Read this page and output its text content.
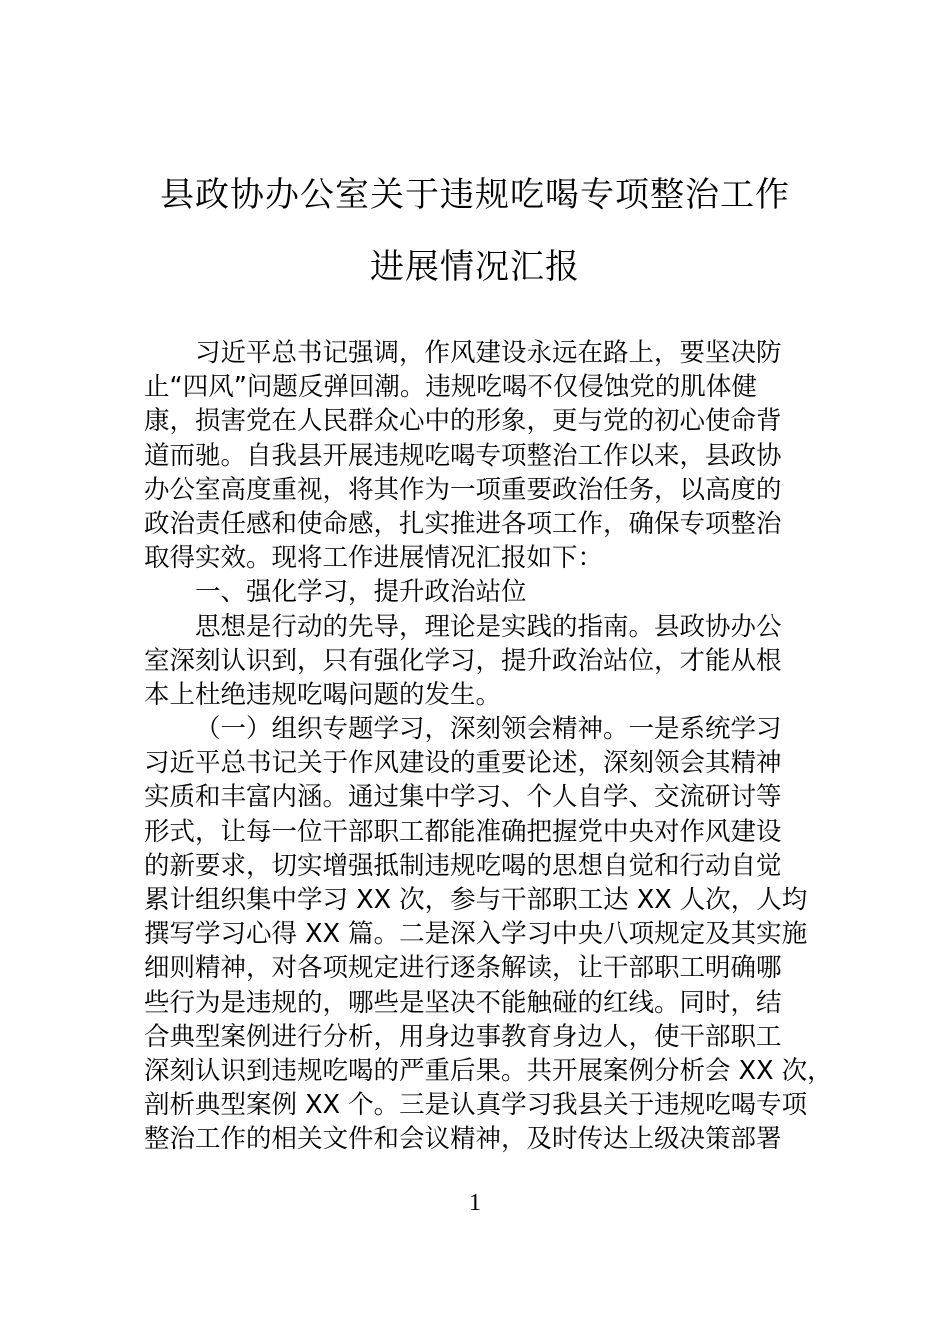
县政协办公室关于违规吃喝专项整治工作
进展情况汇报
习近平总书记强调，作风建设永远在路上，要坚决防
止“四风”问题反弹回潮。违规吃喝不仅侵蚀党的肌体健
康，损害党在人民群众心中的形象，更与党的初心使命背
道而驰。自我县开展违规吃喝专项整治工作以来，县政协
办公室高度重视，将其作为一项重要政治任务，以高度的
政治责任感和使命感，扎实推进各项工作，确保专项整治
取得实效。现将工作进展情况汇报如下：
一、强化学习，提升政治站位
思想是行动的先导，理论是实践的指南。县政协办公
室深刻认识到，只有强化学习，提升政治站位，才能从根
本上杜绝违规吃喝问题的发生。
（一）组织专题学习，深刻领会精神。一是系统学习
习近平总书记关于作风建设的重要论述，深刻领会其精神
实质和丰富内涵。通过集中学习、个人自学、交流研讨等
形式，让每一位干部职工都能准确把握党中央对作风建设
的新要求，切实增强抵制违规吃喝的思想自觉和行动自觉
累计组织集中学习 XX 次，参与干部职工达 XX 人次，人均
撰写学习心得 XX 篇。二是深入学习中央八项规定及其实施
细则精神，对各项规定进行逐条解读，让干部职工明确哪
些行为是违规的，哪些是坚决不能触碰的红线。同时，结
合典型案例进行分析，用身边事教育身边人，使干部职工
深刻认识到违规吃喝的严重后果。共开展案例分析会 XX 次，
剖析典型案例 XX 个。三是认真学习我县关于违规吃喝专项
整治工作的相关文件和会议精神，及时传达上级决策部署
1
